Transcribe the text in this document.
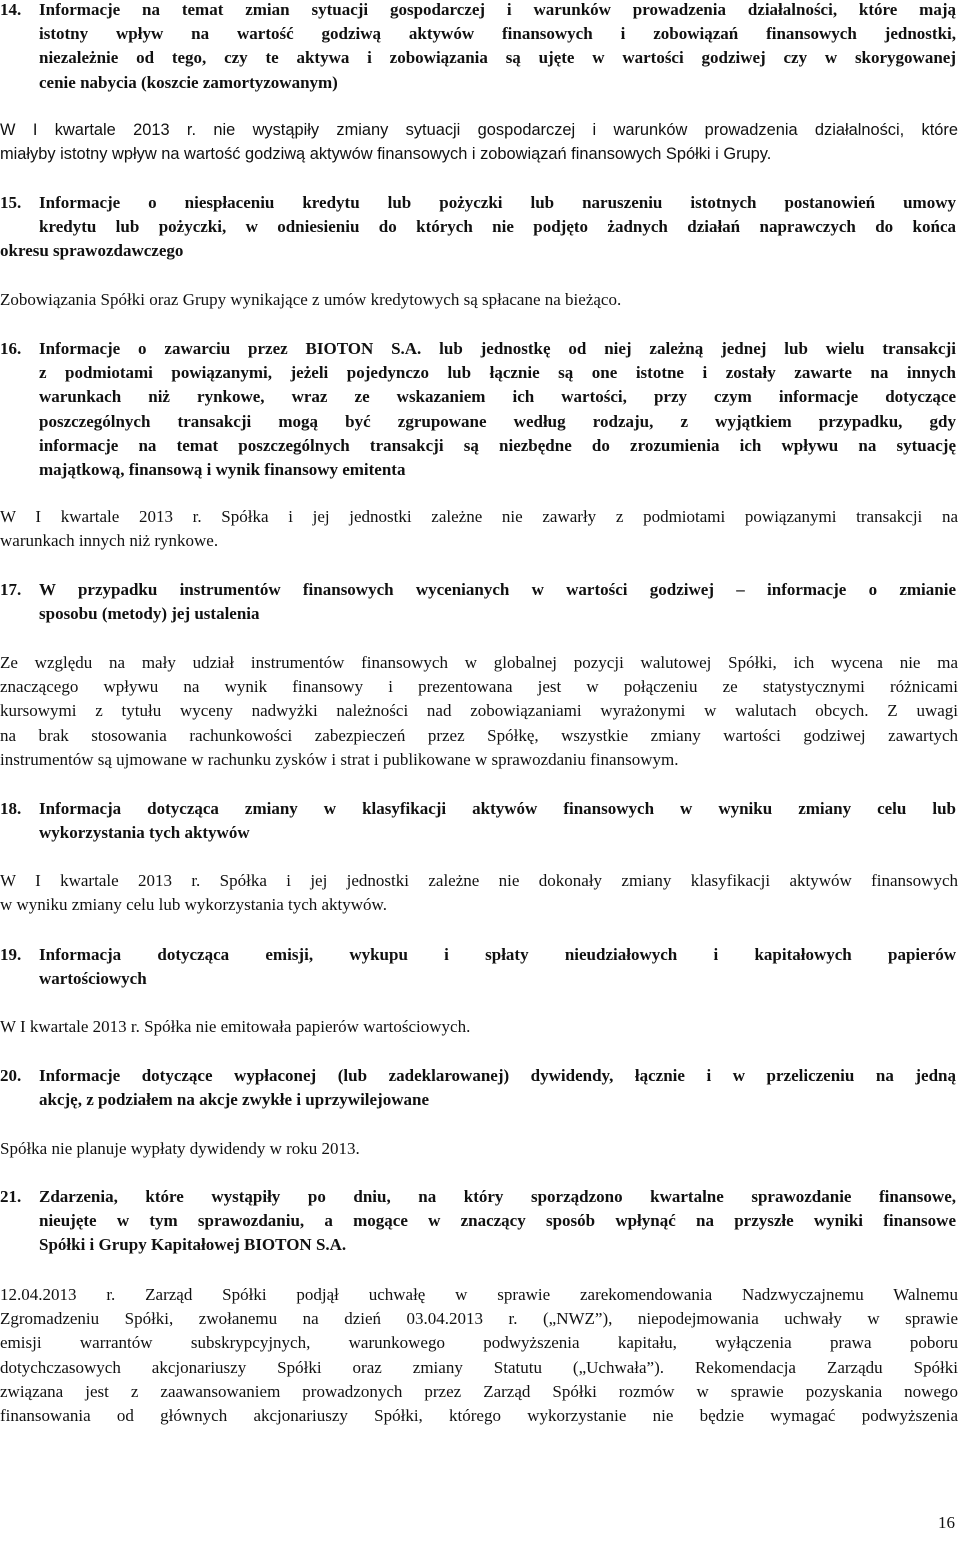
14. Informacje na temat zmian sytuacji gospodarczej i warunków prowadzenia działalności, które mają
istotny wpływ na wartość godziwą aktywów finansowych i zobowiązań finansowych jednostki,
niezależnie od tego, czy te aktywa i zobowiązania są ujęte w wartości godziwej czy w skorygowanej
cenie nabycia (koszcie zamortyzowanym)
W I kwartale 2013 r. nie wystąpiły zmiany sytuacji gospodarczej i warunków prowadzenia działalności, które
miałyby istotny wpływ na wartość godziwą aktywów finansowych i zobowiązań finansowych Spółki i Grupy.
15. Informacje o niespłaceniu kredytu lub pożyczki lub naruszeniu istotnych postanowień umowy
kredytu lub pożyczki, w odniesieniu do których nie podjęto żadnych działań naprawczych do końca
okresu sprawozdawczego
Zobowiązania Spółki oraz Grupy wynikające z umów kredytowych są spłacane na bieżąco.
16. Informacje o zawarciu przez BIOTON S.A. lub jednostkę od niej zależną jednej lub wielu transakcji
z podmiotami powiązanymi, jeżeli pojedynczo lub łącznie są one istotne i zostały zawarte na innych
warunkach niż rynkowe, wraz ze wskazaniem ich wartości, przy czym informacje dotyczące
poszczególnych transakcji mogą być zgrupowane według rodzaju, z wyjątkiem przypadku, gdy
informacje na temat poszczególnych transakcji są niezbędne do zrozumienia ich wpływu na sytuację
majątkową, finansową i wynik finansowy emitenta
W I kwartale 2013 r. Spółka i jej jednostki zależne nie zawarły z podmiotami powiązanymi transakcji na
warunkach innych niż rynkowe.
17. W przypadku instrumentów finansowych wycenianych w wartości godziwej – informacje o zmianie
sposobu (metody) jej ustalenia
Ze względu na mały udział instrumentów finansowych w globalnej pozycji walutowej Spółki, ich wycena nie ma
znaczącego wpływu na wynik finansowy i prezentowana jest w połączeniu ze statystycznymi różnicami
kursowymi z tytułu wyceny nadwyżki należności nad zobowiązaniami wyrażonymi w walutach obcych. Z uwagi
na brak stosowania rachunkowości zabezpieczeń przez Spółkę, wszystkie zmiany wartości godziwej zawartych
instrumentów są ujmowane w rachunku zysków i strat i publikowane w sprawozdaniu finansowym.
18. Informacja dotycząca zmiany w klasyfikacji aktywów finansowych w wyniku zmiany celu lub
wykorzystania tych aktywów
W I kwartale 2013 r. Spółka i jej jednostki zależne nie dokonały zmiany klasyfikacji aktywów finansowych
w wyniku zmiany celu lub wykorzystania tych aktywów.
19. Informacja dotycząca emisji, wykupu i spłaty nieudziałowych i kapitałowych papierów
wartościowych
W I kwartale 2013 r. Spółka nie emitowała papierów wartościowych.
20. Informacje dotyczące wypłaconej (lub zadeklarowanej) dywidendy, łącznie i w przeliczeniu na jedną
akcję, z podziałem na akcje zwykłe i uprzywilejowane
Spółka nie planuje wypłaty dywidendy w roku 2013.
21. Zdarzenia, które wystąpiły po dniu, na który sporządzono kwartalne sprawozdanie finansowe,
nieujęte w tym sprawozdaniu, a mogące w znaczący sposób wpłynąć na przyszłe wyniki finansowe
Spółki i Grupy Kapitałowej BIOTON S.A.
12.04.2013 r. Zarząd Spółki podjął uchwałę w sprawie zarekomendowania Nadzwyczajnemu Walnemu
Zgromadzeniu Spółki, zwołanemu na dzień 03.04.2013 r. („NWZ”), niepodejmowania uchwały w sprawie
emisji warrantów subskrypcyjnych, warunkowego podwyższenia kapitału, wyłączenia prawa poboru
dotychczasowych akcjonariuszy Spółki oraz zmiany Statutu („Uchwała”). Rekomendacja Zarządu Spółki
związana jest z zaawansowaniem prowadzonych przez Zarząd Spółki rozmów w sprawie pozyskania nowego
finansowania od głównych akcjonariuszy Spółki, którego wykorzystanie nie będzie wymagać podwyższenia
16
